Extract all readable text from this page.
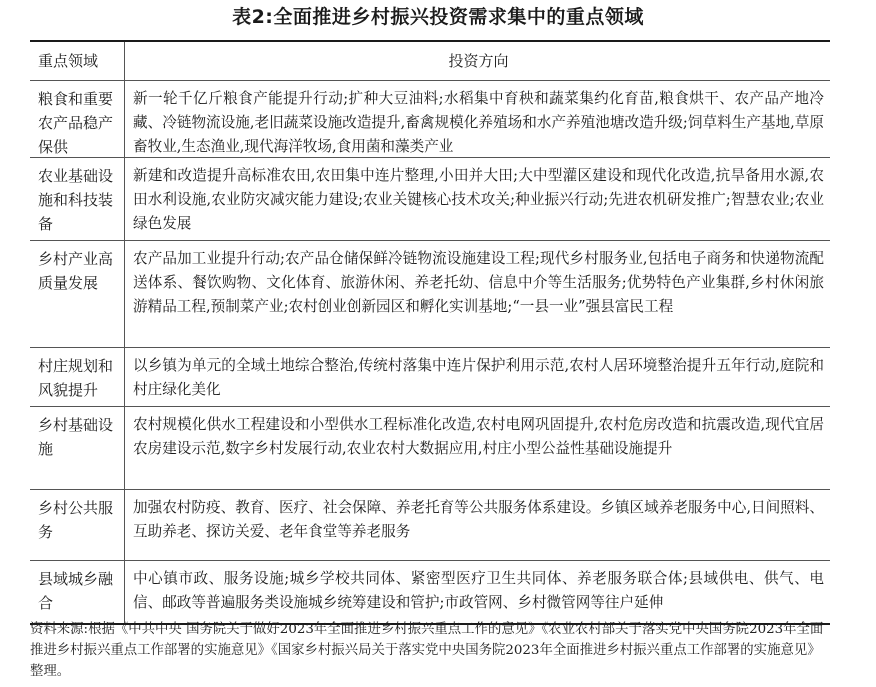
表2:全面推进乡村振兴投资需求集中的重点领域
重点领域	投资方向
粮食和重要农产品稳产保供
新一轮千亿斤粮食产能提升行动;扩种大豆油料;水稻集中育秧和蔬菜集约化育苗,粮食烘干、农产品产地冷藏、冷链物流设施,老旧蔬菜设施改造提升,畜禽规模化养殖场和水产养殖池塘改造升级;饲草料生产基地,草原畜牧业,生态渔业,现代海洋牧场,食用菌和藻类产业
农业基础设施和科技装备
新建和改造提升高标准农田,农田集中连片整理,小田并大田;大中型灌区建设和现代化改造,抗旱备用水源,农田水利设施,农业防灾减灾能力建设;农业关键核心技术攻关;种业振兴行动;先进农机研发推广;智慧农业;农业绿色发展
乡村产业高质量发展
农产品加工业提升行动;农产品仓储保鲜冷链物流设施建设工程;现代乡村服务业,包括电子商务和快递物流配送体系、餐饮购物、文化体育、旅游休闲、养老托幼、信息中介等生活服务;优势特色产业集群,乡村休闲旅游精品工程,预制菜产业;农村创业创新园区和孵化实训基地;“一县一业”强县富民工程
村庄规划和风貌提升
以乡镇为单元的全域土地综合整治,传统村落集中连片保护利用示范,农村人居环境整治提升五年行动,庭院和村庄绿化美化
乡村基础设施
农村规模化供水工程建设和小型供水工程标准化改造,农村电网巩固提升,农村危房改造和抗震改造,现代宜居农房建设示范,数字乡村发展行动,农业农村大数据应用,村庄小型公益性基础设施提升
乡村公共服务
加强农村防疫、教育、医疗、社会保障、养老托育等公共服务体系建设。乡镇区域养老服务中心,日间照料、互助养老、探访关爱、老年食堂等养老服务
县域城乡融合
中心镇市政、服务设施;城乡学校共同体、紧密型医疗卫生共同体、养老服务联合体;县域供电、供气、电信、邮政等普遍服务类设施城乡统筹建设和管护;市政管网、乡村微管网等往户延伸
资料来源:根据《中共中央 国务院关于做好2023年全面推进乡村振兴重点工作的意见》《农业农村部关于落实党中央国务院2023年全面推进乡村振兴重点工作部署的实施意见》《国家乡村振兴局关于落实党中央国务院2023年全面推进乡村振兴重点工作部署的实施意见》整理。
